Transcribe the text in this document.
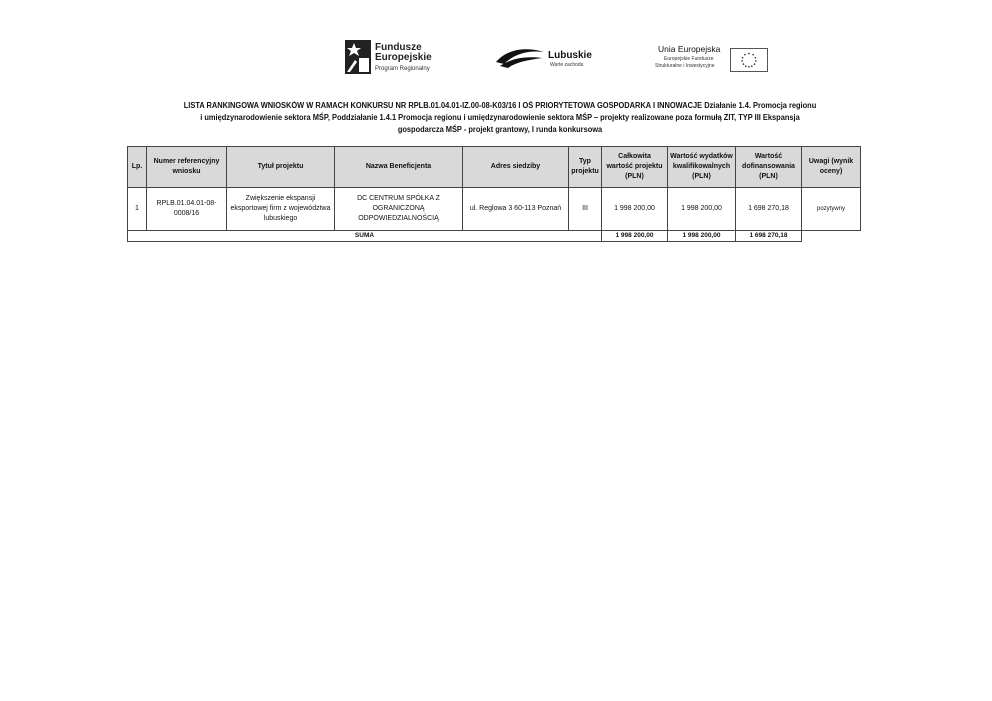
Fundusze
Europejskie
Program Regionalny
Lubuskie
Warte zachodu
Unia Europejska
Europejskie Fundusze
Strukturalne i Inwestycyjne
LISTA RANKINGOWA WNIOSKÓW W RAMACH KONKURSU NR RPLB.01.04.01-IZ.00-08-K03/16 I OŚ PRIORYTETOWA GOSPODARKA I INNOWACJE Działanie 1.4. Promocja regionu
i umiędzynarodowienie sektora MŚP, Poddziałanie 1.4.1 Promocja regionu i umiędzynarodowienie sektora MŚP – projekty realizowane poza formułą ZIT, TYP III Ekspansja
gospodarcza MŚP - projekt grantowy, I runda konkursowa
Lp.	Numer referencyjny wniosku	Tytuł projektu	Nazwa Beneficjenta	Adres siedziby	Typ projektu	Całkowita wartość projektu (PLN)	Wartość wydatków kwalifikowalnych (PLN)	Wartość dofinansowania (PLN)	Uwagi (wynik oceny)
1	RPLB.01.04.01-08-0008/16	Zwiększenie ekspansji eksportowej firm z województwa lubuskiego	DC CENTRUM SPÓŁKA Z OGRANICZONĄ ODPOWIEDZIALNOŚCIĄ	ul. Reglowa 3 60-113 Poznań	III	1 998 200,00	1 998 200,00	1 698 270,18	pozytywny
SUMA						1 998 200,00	1 998 200,00	1 698 270,18	
